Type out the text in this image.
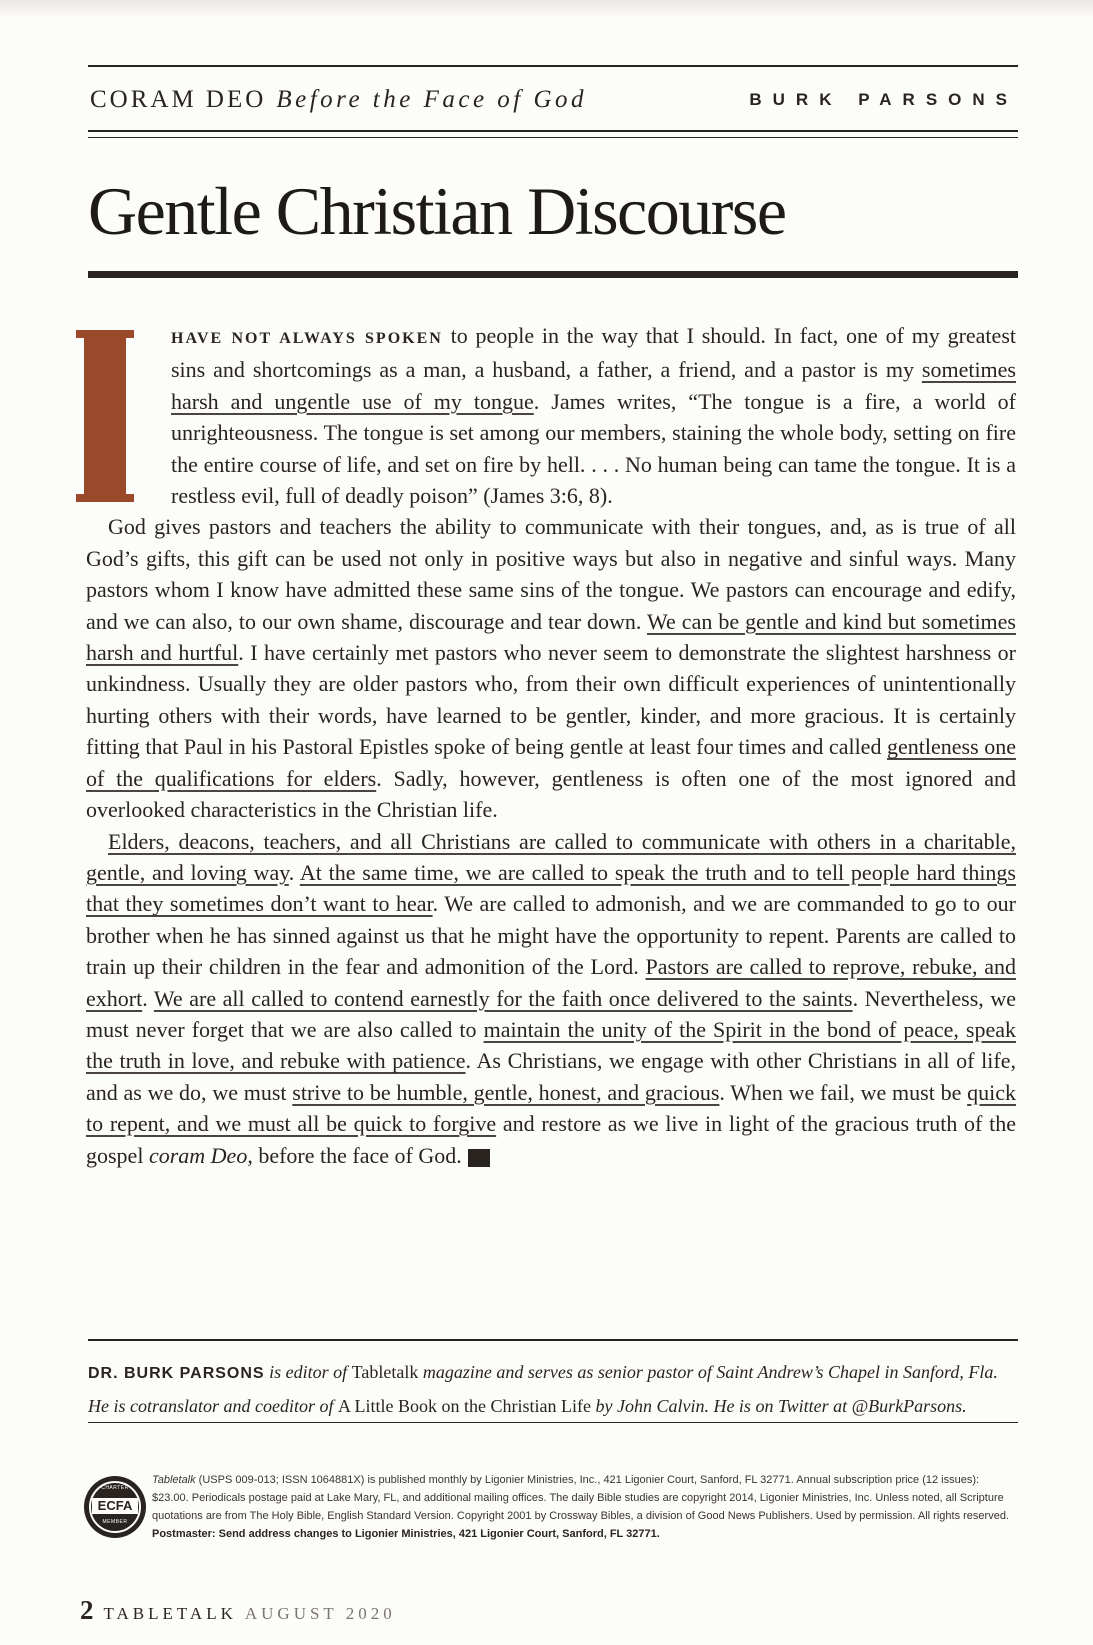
CORAM DEO Before the Face of God	BURK PARSONS
Gentle Christian Discourse

HAVE NOT ALWAYS SPOKEN to people in the way that I should. In fact, one of my greatest sins and shortcomings as a man, a husband, a father, a friend, and a pastor is my sometimes harsh and ungentle use of my tongue. James writes, “The tongue is a fire, a world of unrighteousness. The tongue is set among our members, staining the whole body, setting on fire the entire course of life, and set on fire by hell. . . . No human being can tame the tongue. It is a restless evil, full of deadly poison” (James 3:6, 8).

God gives pastors and teachers the ability to communicate with their tongues, and, as is true of all God’s gifts, this gift can be used not only in positive ways but also in negative and sinful ways. Many pastors whom I know have admitted these same sins of the tongue. We pastors can encourage and edify, and we can also, to our own shame, discourage and tear down. We can be gentle and kind but sometimes harsh and hurtful. I have certainly met pastors who never seem to demonstrate the slightest harshness or unkindness. Usually they are older pastors who, from their own difficult experiences of unintentionally hurting others with their words, have learned to be gentler, kinder, and more gracious. It is certainly fitting that Paul in his Pastoral Epistles spoke of being gentle at least four times and called gentleness one of the qualifications for elders. Sadly, however, gentleness is often one of the most ignored and overlooked characteristics in the Christian life.

Elders, deacons, teachers, and all Christians are called to communicate with others in a charitable, gentle, and loving way. At the same time, we are called to speak the truth and to tell people hard things that they sometimes don’t want to hear. We are called to admonish, and we are commanded to go to our brother when he has sinned against us that he might have the opportunity to repent. Parents are called to train up their children in the fear and admonition of the Lord. Pastors are called to reprove, rebuke, and exhort. We are all called to contend earnestly for the faith once delivered to the saints. Nevertheless, we must never forget that we are also called to maintain the unity of the Spirit in the bond of peace, speak the truth in love, and rebuke with patience. As Christians, we engage with other Christians in all of life, and as we do, we must strive to be humble, gentle, honest, and gracious. When we fail, we must be quick to repent, and we must all be quick to forgive and restore as we live in light of the gracious truth of the gospel coram Deo, before the face of God. T

DR. BURK PARSONS is editor of Tabletalk magazine and serves as senior pastor of Saint Andrew’s Chapel in Sanford, Fla. He is cotranslator and coeditor of A Little Book on the Christian Life by John Calvin. He is on Twitter at @BurkParsons.

CHARTER
ECFA
MEMBER

Tabletalk (USPS 009-013; ISSN 1064881X) is published monthly by Ligonier Ministries, Inc., 421 Ligonier Court, Sanford, FL 32771. Annual subscription price (12 issues): $23.00. Periodicals postage paid at Lake Mary, FL, and additional mailing offices. The daily Bible studies are copyright 2014, Ligonier Ministries, Inc. Unless noted, all Scripture quotations are from The Holy Bible, English Standard Version. Copyright 2001 by Crossway Bibles, a division of Good News Publishers. Used by permission. All rights reserved. Postmaster: Send address changes to Ligonier Ministries, 421 Ligonier Court, Sanford, FL 32771.

2 TABLETALK AUGUST 2020
